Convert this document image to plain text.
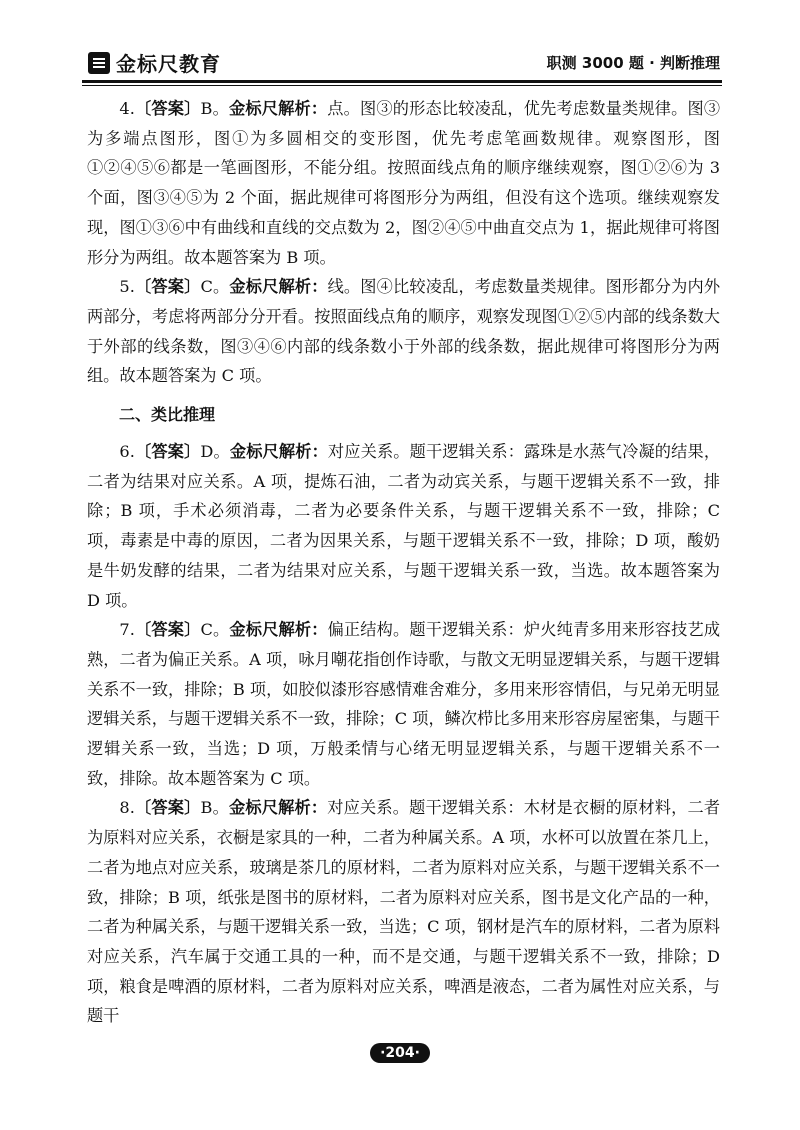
金标尺教育	职测 3000 题 · 判断推理

4.〔答案〕B。金标尺解析：点。图③的形态比较凌乱，优先考虑数量类规律。图③为多端点图形，图①为多圆相交的变形图，优先考虑笔画数规律。观察图形，图①②④⑤⑥都是一笔画图形，不能分组。按照面线点角的顺序继续观察，图①②⑥为 3 个面，图③④⑤为 2 个面，据此规律可将图形分为两组，但没有这个选项。继续观察发现，图①③⑥中有曲线和直线的交点数为 2，图②④⑤中曲直交点为 1，据此规律可将图形分为两组。故本题答案为 B 项。

5.〔答案〕C。金标尺解析：线。图④比较凌乱，考虑数量类规律。图形都分为内外两部分，考虑将两部分分开看。按照面线点角的顺序，观察发现图①②⑤内部的线条数大于外部的线条数，图③④⑥内部的线条数小于外部的线条数，据此规律可将图形分为两组。故本题答案为 C 项。

二、类比推理

6.〔答案〕D。金标尺解析：对应关系。题干逻辑关系：露珠是水蒸气冷凝的结果，二者为结果对应关系。A 项，提炼石油，二者为动宾关系，与题干逻辑关系不一致，排除；B 项，手术必须消毒，二者为必要条件关系，与题干逻辑关系不一致，排除；C 项，毒素是中毒的原因，二者为因果关系，与题干逻辑关系不一致，排除；D 项，酸奶是牛奶发酵的结果，二者为结果对应关系，与题干逻辑关系一致，当选。故本题答案为 D 项。

7.〔答案〕C。金标尺解析：偏正结构。题干逻辑关系：炉火纯青多用来形容技艺成熟，二者为偏正关系。A 项，咏月嘲花指创作诗歌，与散文无明显逻辑关系，与题干逻辑关系不一致，排除；B 项，如胶似漆形容感情难舍难分，多用来形容情侣，与兄弟无明显逻辑关系，与题干逻辑关系不一致，排除；C 项，鳞次栉比多用来形容房屋密集，与题干逻辑关系一致，当选；D 项，万般柔情与心绪无明显逻辑关系，与题干逻辑关系不一致，排除。故本题答案为 C 项。

8.〔答案〕B。金标尺解析：对应关系。题干逻辑关系：木材是衣橱的原材料，二者为原料对应关系，衣橱是家具的一种，二者为种属关系。A 项，水杯可以放置在茶几上，二者为地点对应关系，玻璃是茶几的原材料，二者为原料对应关系，与题干逻辑关系不一致，排除；B 项，纸张是图书的原材料，二者为原料对应关系，图书是文化产品的一种，二者为种属关系，与题干逻辑关系一致，当选；C 项，钢材是汽车的原材料，二者为原料对应关系，汽车属于交通工具的一种，而不是交通，与题干逻辑关系不一致，排除；D 项，粮食是啤酒的原材料，二者为原料对应关系，啤酒是液态，二者为属性对应关系，与题干

·204·
